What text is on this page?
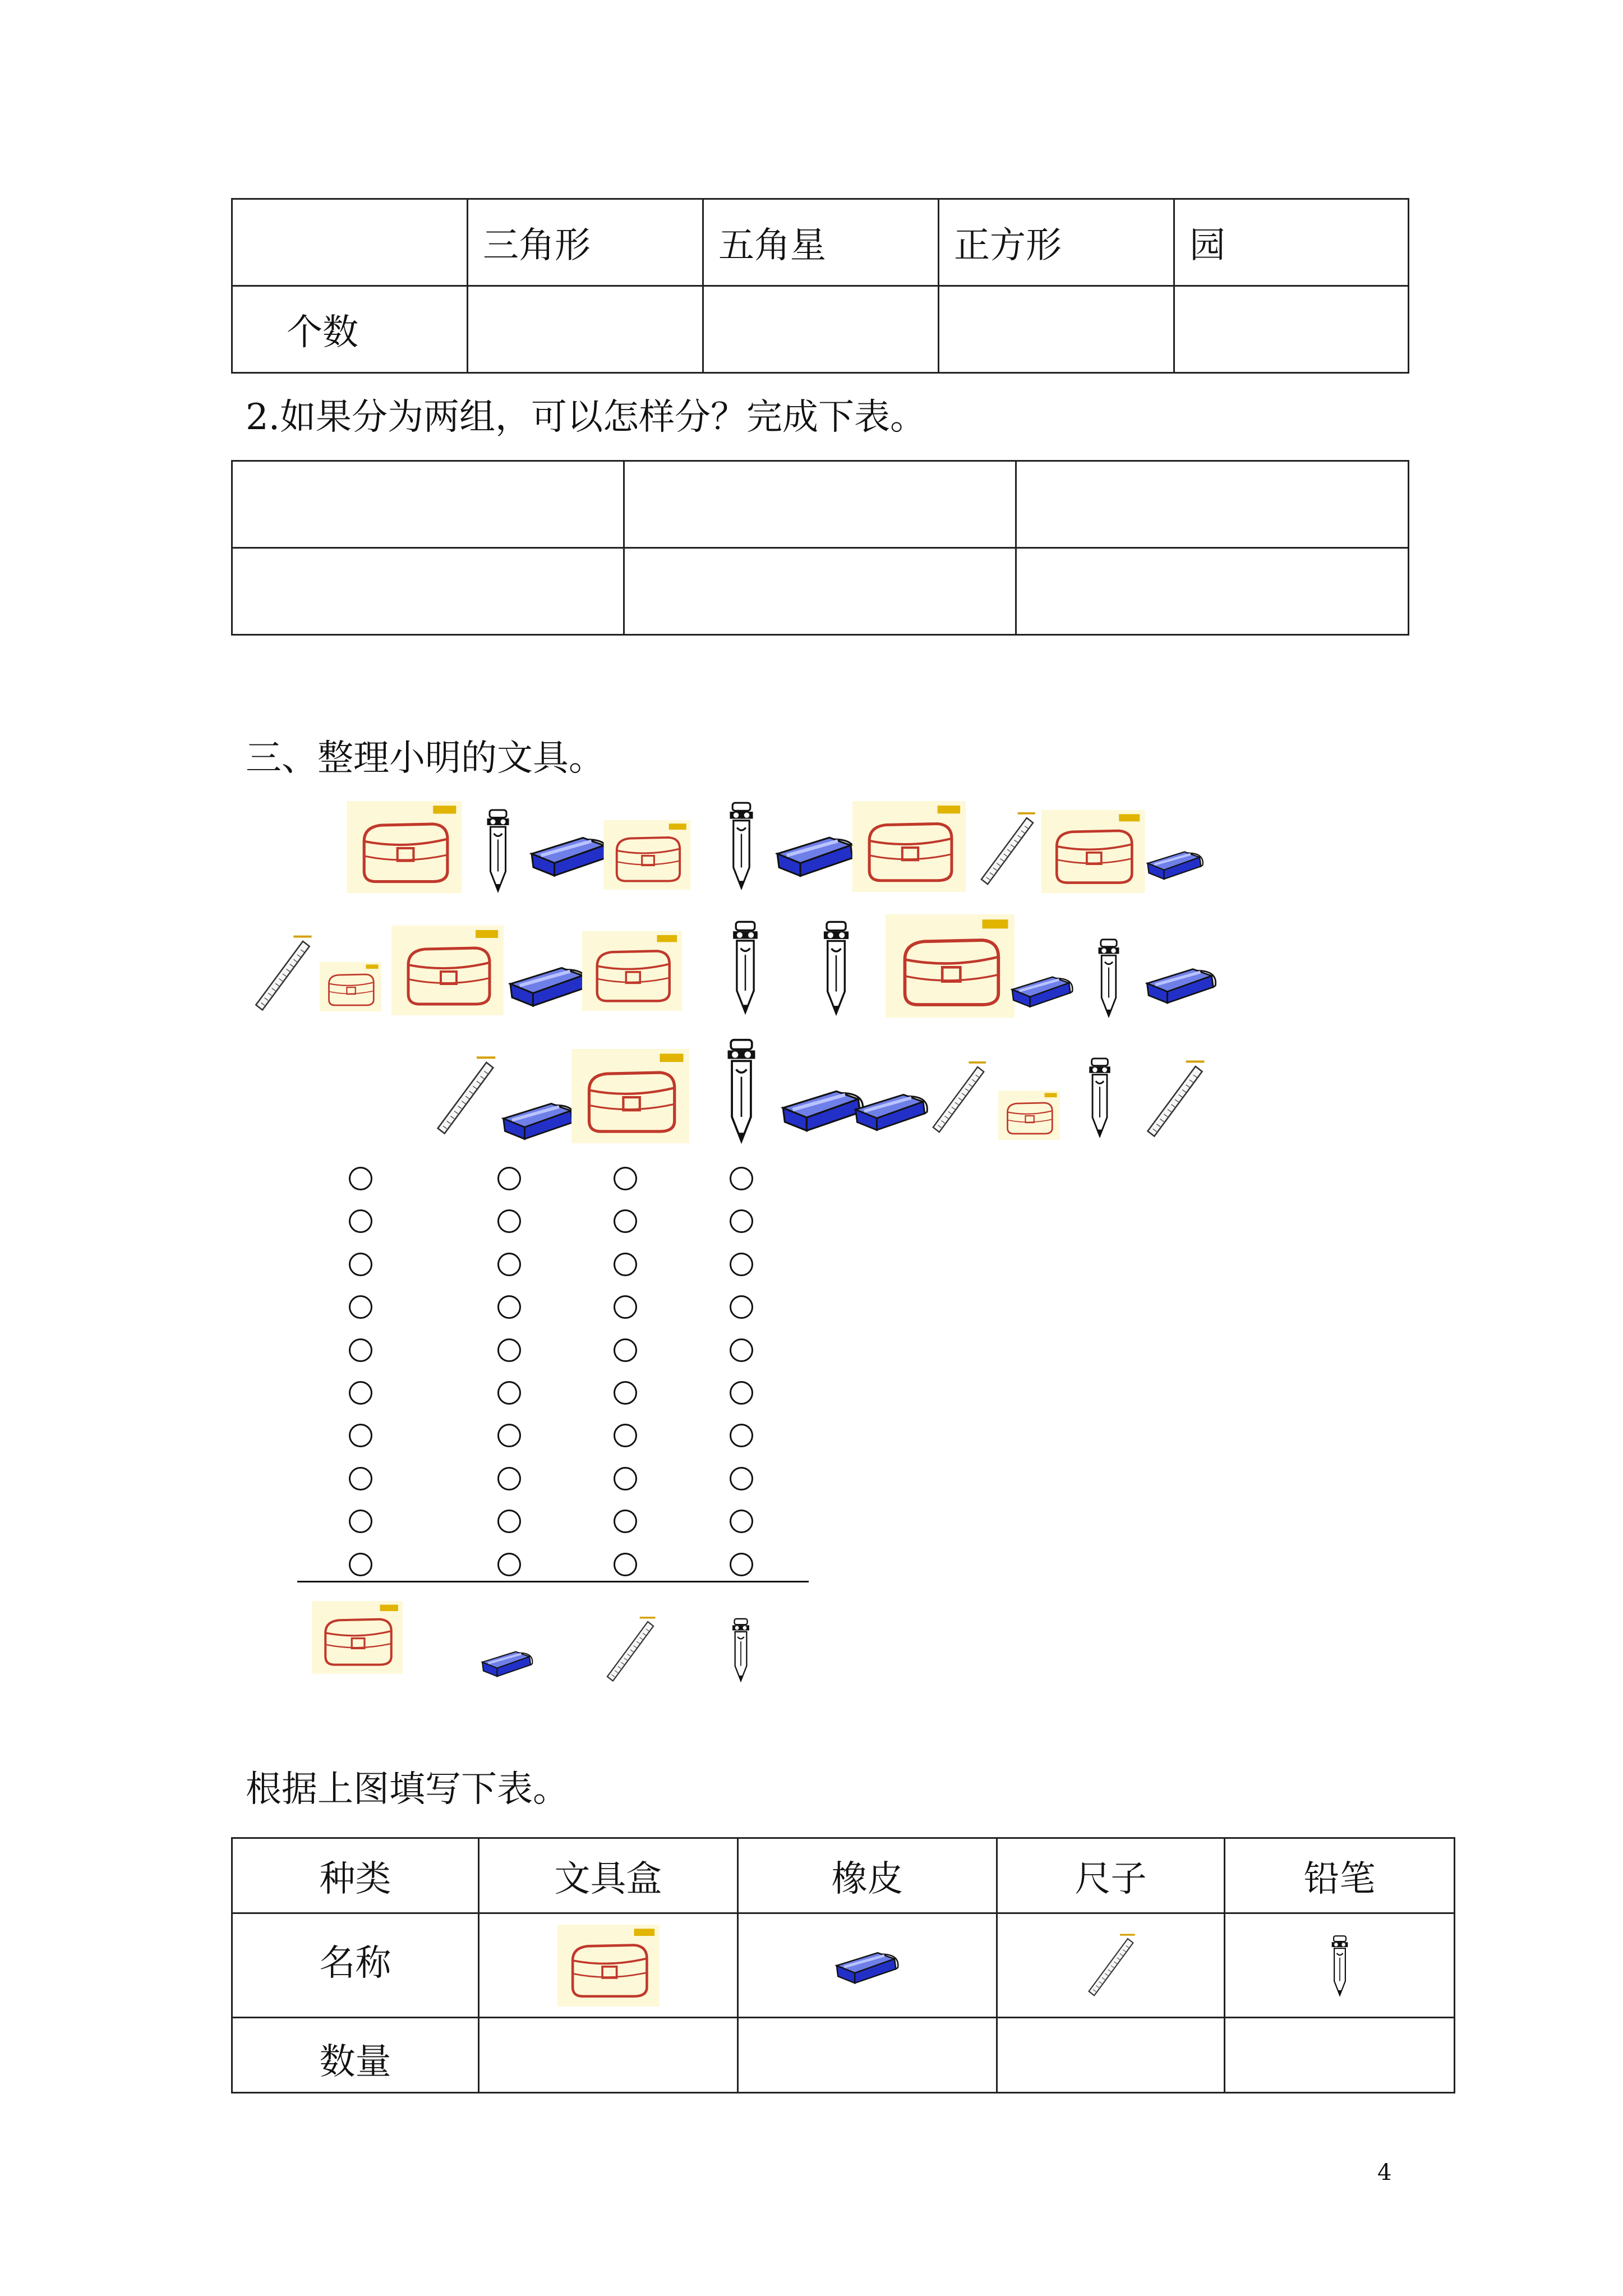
	三角形	五角星	正方形	园
个数				
2.如果分为两组，可以怎样分？完成下表。

三、整理小明的文具。
根据上图填写下表。
种类	文具盒	橡皮	尺子	铅笔
名称	

数量				
4
